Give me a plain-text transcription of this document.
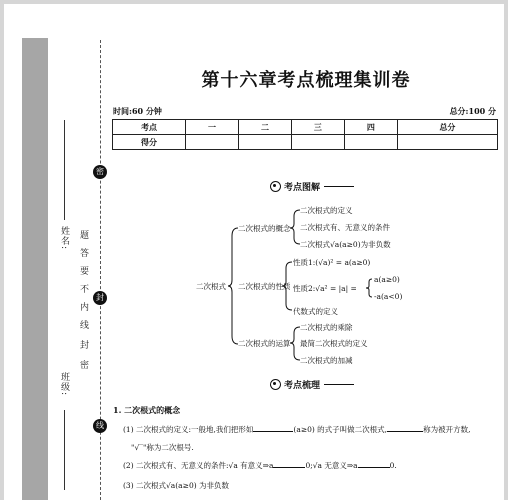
姓名:
班级:
密
封
线
密
封
线
内
不
要
答
题
第十六章考点梳理集训卷
时间:60 分钟	总分:100 分
考点	一	二	三	四	总分
得分					
考点图解
二次根式
二次根式的概念
二次根式的定义
二次根式有、无意义的条件
二次根式√a(a≥0)为非负数
二次根式的性质
性质1:(√a)² = a(a≥0)
性质2:√a² = |a| =
a(a≥0)
-a(a<0)
代数式的定义
二次根式的运算
二次根式的乘除
最简二次根式的定义
二次根式的加减
考点梳理
1. 二次根式的概念
(1) 二次根式的定义:一般地,我们把形如	(a≥0) 的式子叫做二次根式,	称为被开方数,
"√‾"称为二次根号.
(2) 二次根式有、无意义的条件:√a 有意义⇒a	0;√a 无意义⇒a	0.
(3) 二次根式√a(a≥0) 为非负数
